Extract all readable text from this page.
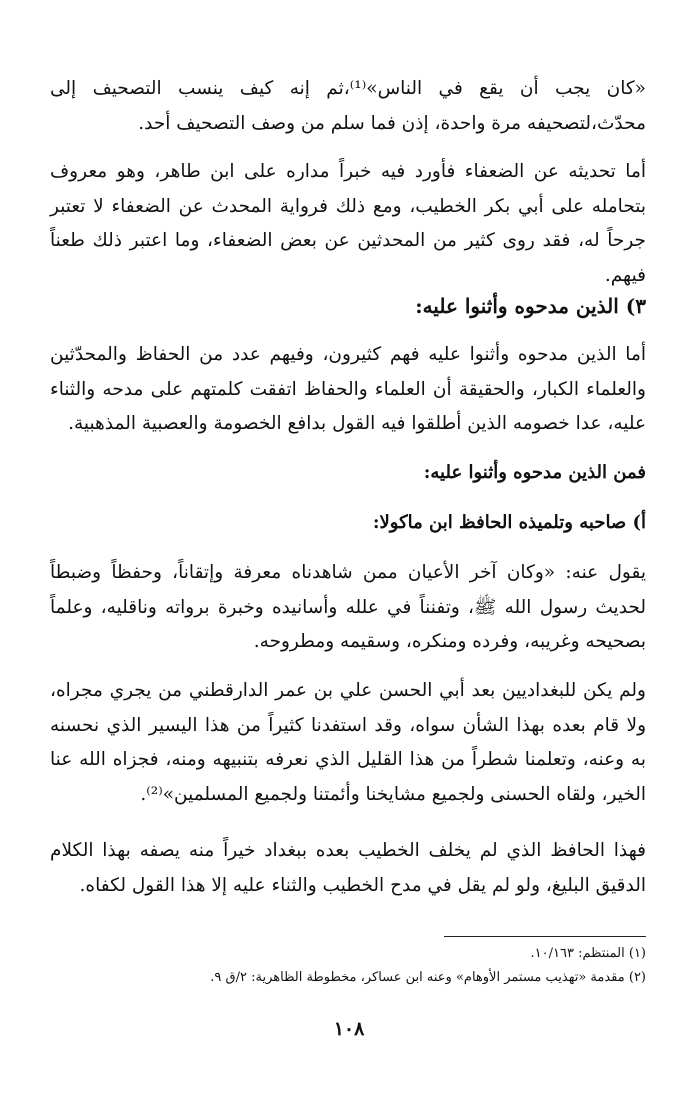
«كان يجب أن يقع في الناس»⁽¹⁾،ثم إنه كيف ينسب التصحيف إلى محدّث،لتصحيفه مرة واحدة، إذن فما سلم من وصف التصحيف أحد.

أما تحديثه عن الضعفاء فأورد فيه خبراً مداره على ابن طاهر، وهو معروف بتحامله على أبي بكر الخطيب، ومع ذلك فرواية المحدث عن الضعفاء لا تعتبر جرحاً له، فقد روى كثير من المحدثين عن بعض الضعفاء، وما اعتبر ذلك طعناً فيهم.

٣) الذين مدحوه وأثنوا عليه:

أما الذين مدحوه وأثنوا عليه فهم كثيرون، وفيهم عدد من الحفاظ والمحدّثين والعلماء الكبار، والحقيقة أن العلماء والحفاظ اتفقت كلمتهم على مدحه والثناء عليه، عدا خصومه الذين أطلقوا فيه القول بدافع الخصومة والعصبية المذهبية.

فمن الذين مدحوه وأثنوا عليه:
أ) صاحبه وتلميذه الحافظ ابن ماكولا:

يقول عنه: «وكان آخر الأعيان ممن شاهدناه معرفة وإتقاناً، وحفظاً وضبطاً لحديث رسول الله ﷺ، وتفنناً في علله وأسانيده وخبرة برواته وناقليه، وعلماً بصحيحه وغريبه، وفرده ومنكره، وسقيمه ومطروحه.

ولم يكن للبغداديين بعد أبي الحسن علي بن عمر الدارقطني من يجري مجراه، ولا قام بعده بهذا الشأن سواه، وقد استفدنا كثيراً من هذا اليسير الذي نحسنه به وعنه، وتعلمنا شطراً من هذا القليل الذي نعرفه بتنبيهه ومنه، فجزاه الله عنا الخير، ولقاه الحسنى ولجميع مشايخنا وأئمتنا ولجميع المسلمين»⁽²⁾.

فهذا الحافظ الذي لم يخلف الخطيب بعده ببغداد خيراً منه يصفه بهذا الكلام الدقيق البليغ، ولو لم يقل في مدح الخطيب والثناء عليه إلا هذا القول لكفاه.

(١) المنتظم: ١٠/١٦٣.
(٢) مقدمة «تهذيب مستمر الأوهام» وعنه ابن عساكر، مخطوطة الظاهرية: ٢/ق ٩.
١٠٨
